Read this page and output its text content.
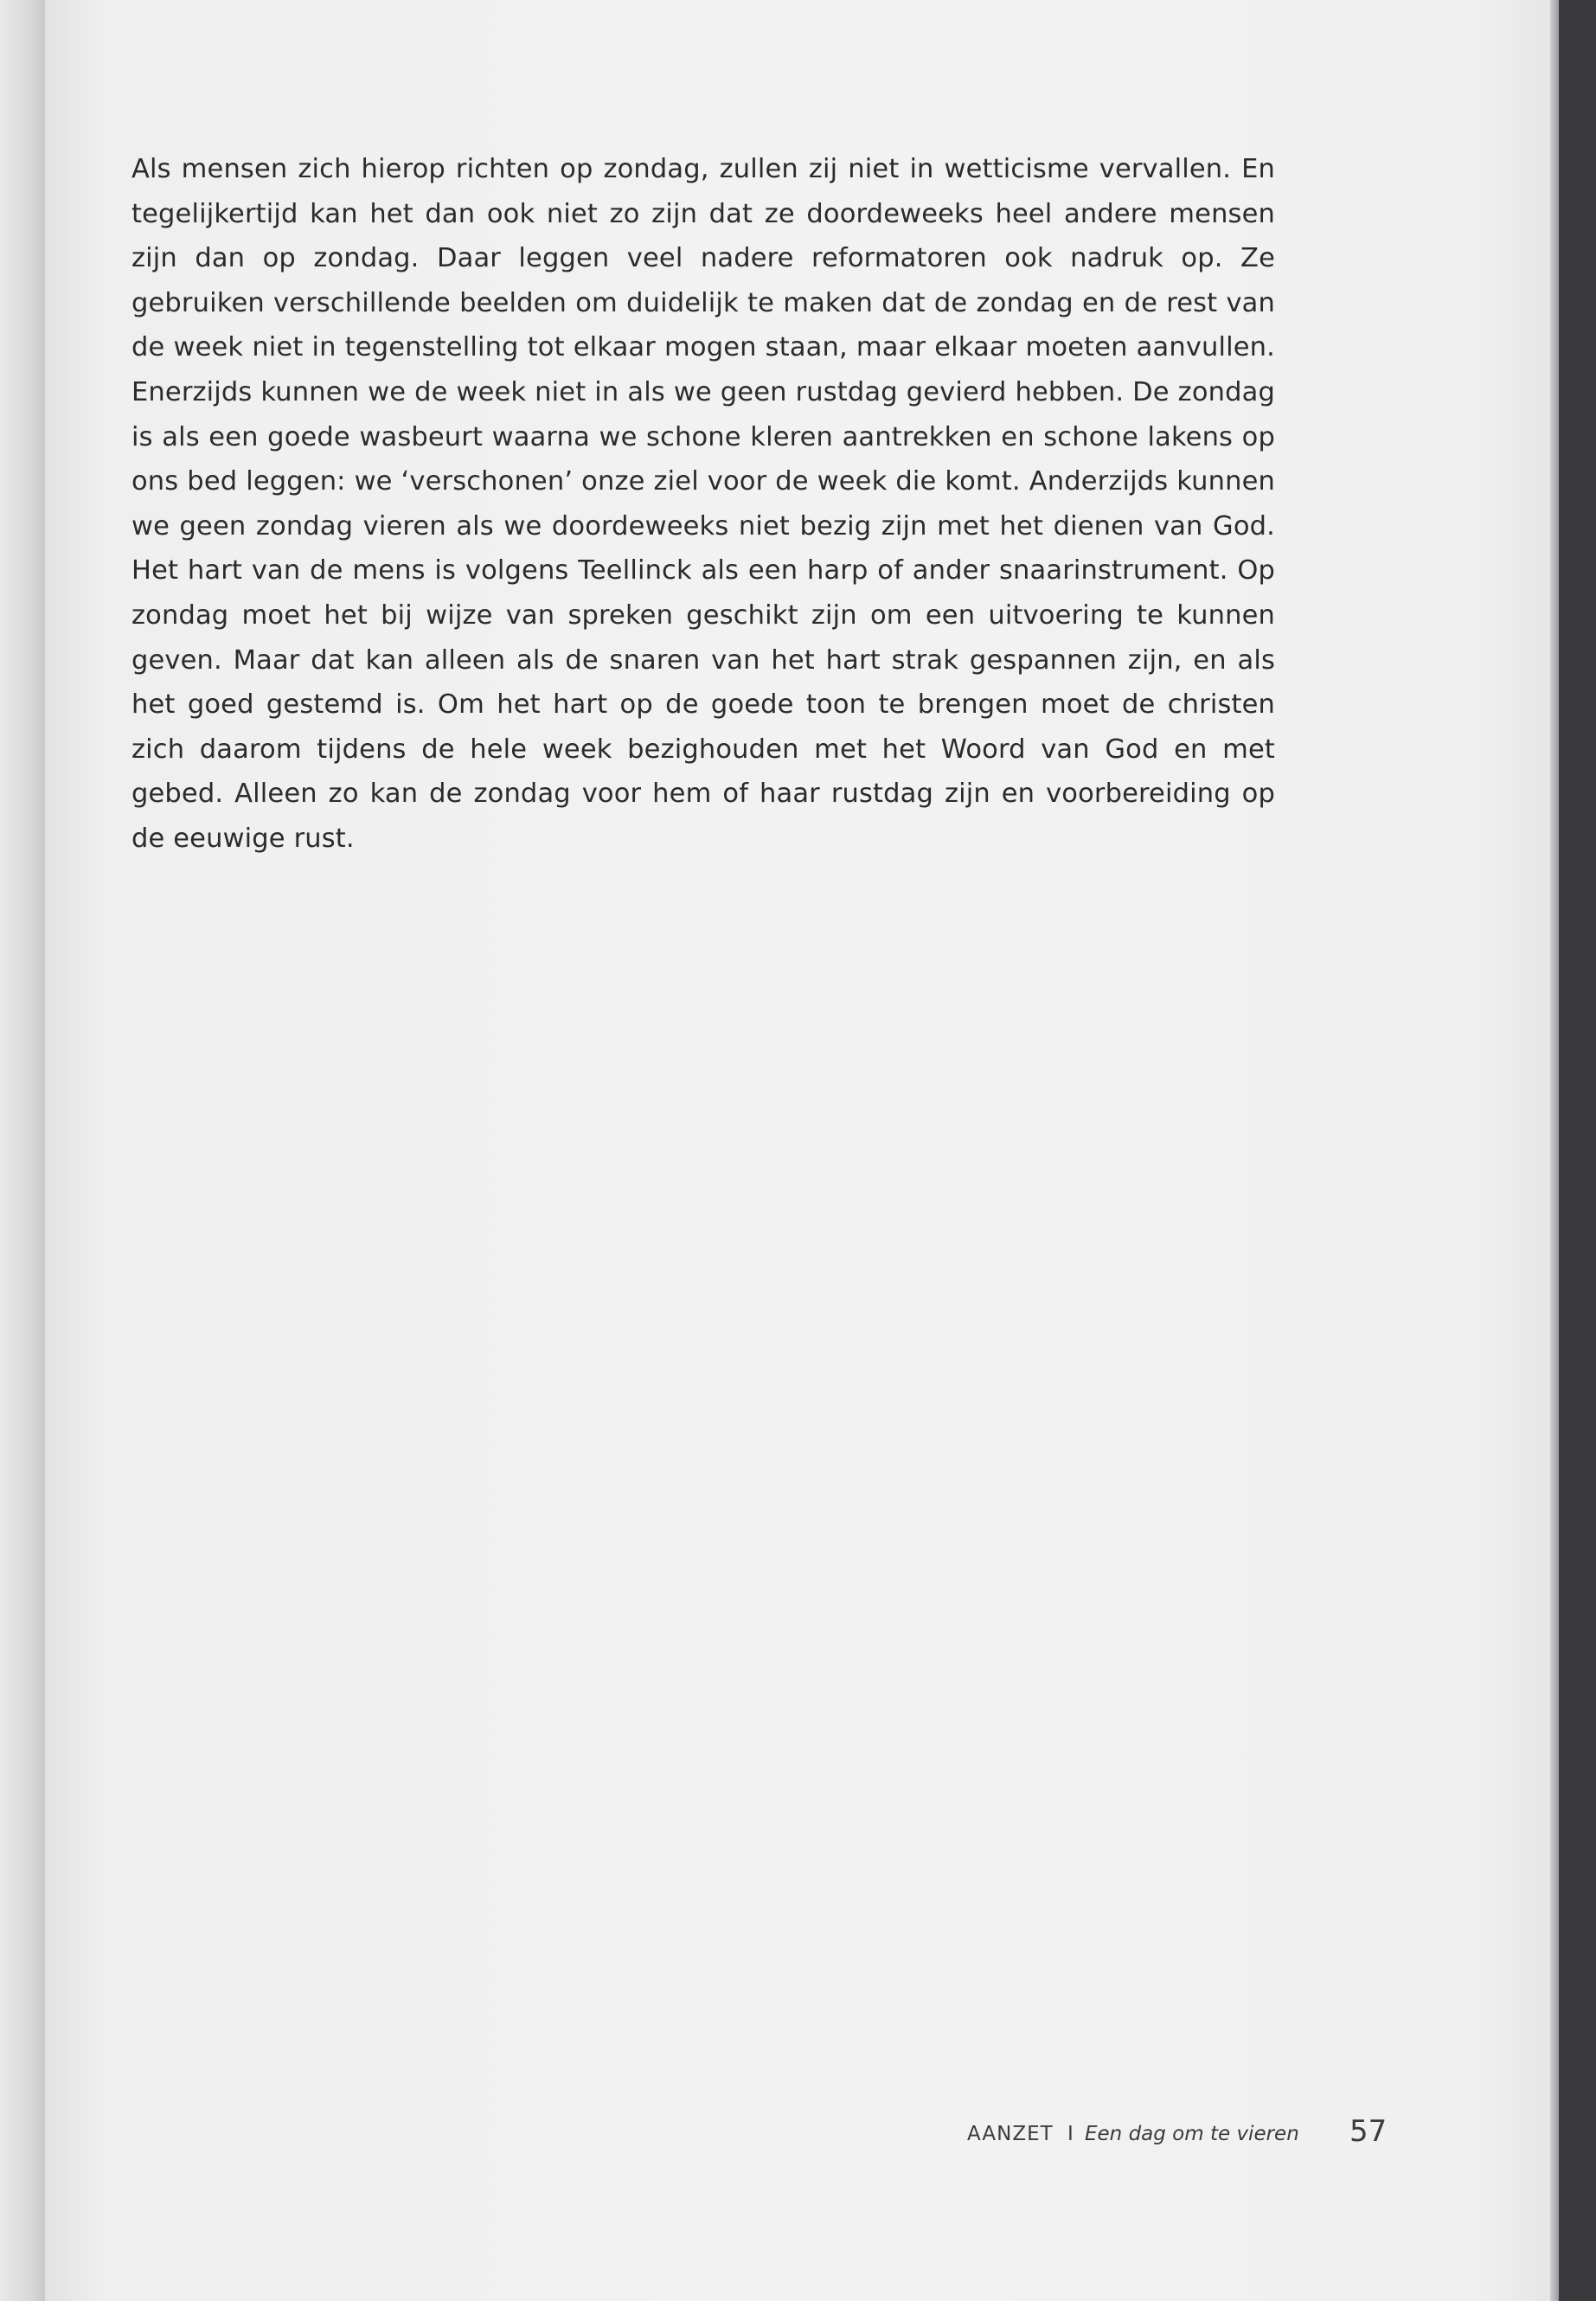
Als mensen zich hierop richten op zondag, zullen zij niet in wetticisme vervallen. En tegelijkertijd kan het dan ook niet zo zijn dat ze doordeweeks heel andere mensen zijn dan op zondag. Daar leggen veel nadere reformatoren ook nadruk op. Ze gebruiken verschillende beelden om duidelijk te maken dat de zondag en de rest van de week niet in tegenstelling tot elkaar mogen staan, maar elkaar moeten aanvullen. Enerzijds kunnen we de week niet in als we geen rustdag gevierd hebben. De zondag is als een goede wasbeurt waarna we schone kleren aantrekken en schone lakens op ons bed leggen: we ‘verschonen’ onze ziel voor de week die komt. Anderzijds kunnen we geen zondag vieren als we doordeweeks niet bezig zijn met het dienen van God. Het hart van de mens is volgens Teellinck als een harp of ander snaarinstrument. Op zondag moet het bij wijze van spreken geschikt zijn om een uitvoering te kunnen geven. Maar dat kan alleen als de snaren van het hart strak gespannen zijn, en als het goed gestemd is. Om het hart op de goede toon te brengen moet de christen zich daarom tijdens de hele week bezighouden met het Woord van God en met gebed. Alleen zo kan de zondag voor hem of haar rustdag zijn en voorbereiding op de eeuwige rust.

AANZET I Een dag om te vieren 57
